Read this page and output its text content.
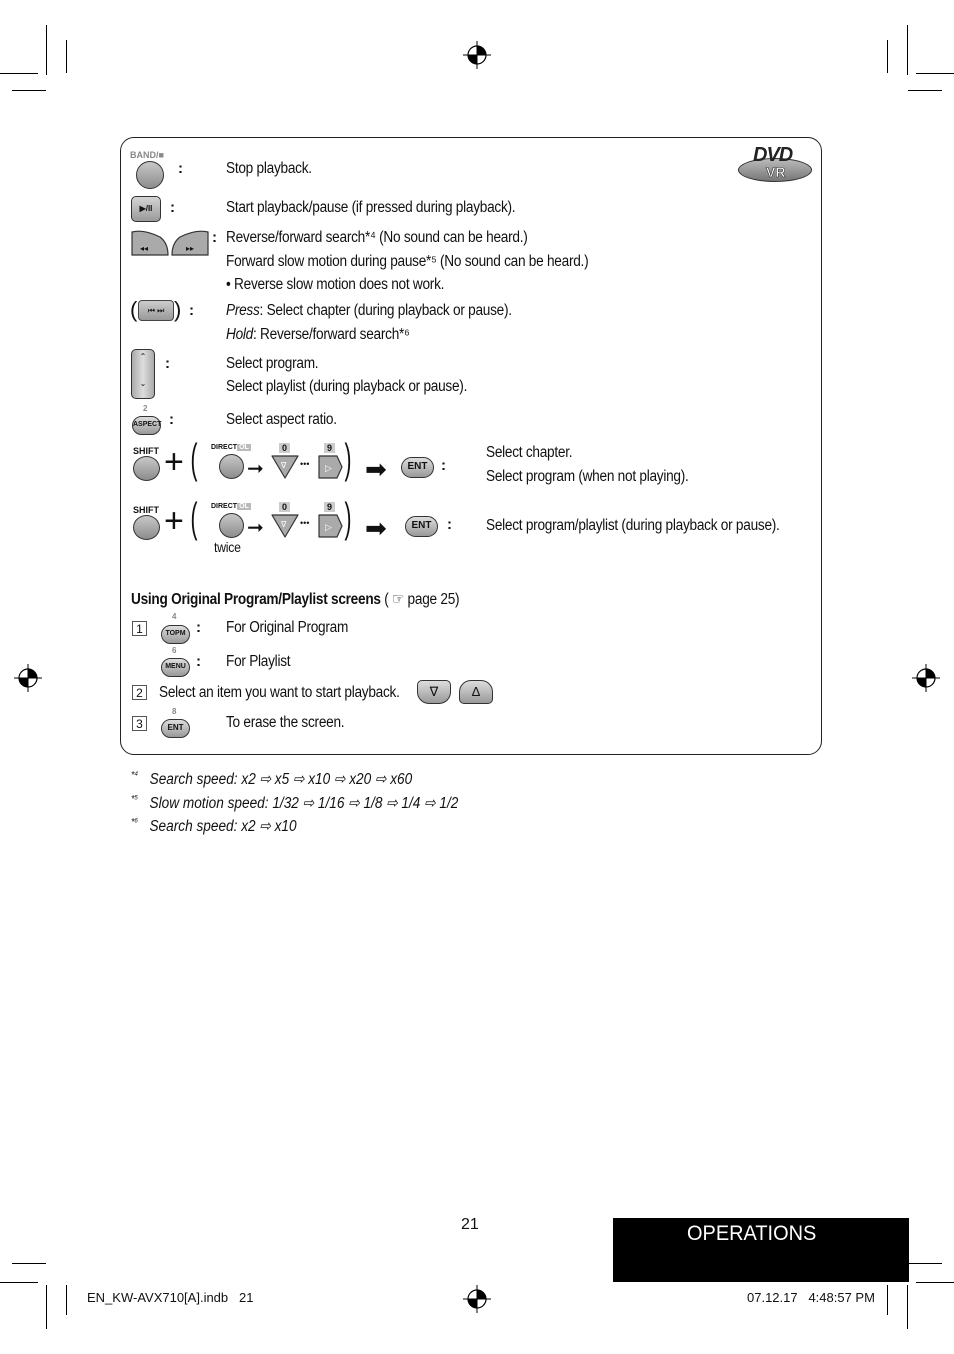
DVD
VR
BAND/■
:	Stop playback.
▶/II	:	Start playback/pause (if pressed during playback).
◂◂	▸▸
: Reverse/forward search*⁴ (No sound can be heard.)
Forward slow motion during pause*⁵ (No sound can be heard.)
• Reverse slow motion does not work.
(	⏮ ⏭ ) : Press: Select chapter (during playback or pause).
Hold: Reverse/forward search*⁶
⌃
⌄
:	Select program.
Select playlist (during playback or pause).
2
ASPECT :	Select aspect ratio.
SHIFT + ( DIRECT OL
➞
0
∇ •••
9
▷ ) ➡	ENT :
Select chapter.
Select program (when not playing).
SHIFT + ( DIRECT OL
twice
➞
0
∇ •••
9
▷ ) ➡	ENT	: Select program/playlist (during playback or pause).
Using Original Program/Playlist screens ( ☞ page 25)
1
4
TOPM : For Original Program
6
MENU : For Playlist
2 Select an item you want to start playback.	∇	∆
3
8
ENT	To erase the screen.
$^{*^4}$ Search speed: x2 ⇨ x5 ⇨ x10 ⇨ x20 ⇨ x60
$^{*^5}$ Slow motion speed: 1/32 ⇨ 1/16 ⇨ 1/8 ⇨ 1/4 ⇨ 1/2
$^{*^6}$ Search speed: x2 ⇨ x10
21	OPERATIONS
EN_KW-AVX710[A].indb   21	07.12.17   4:48:57 PM
